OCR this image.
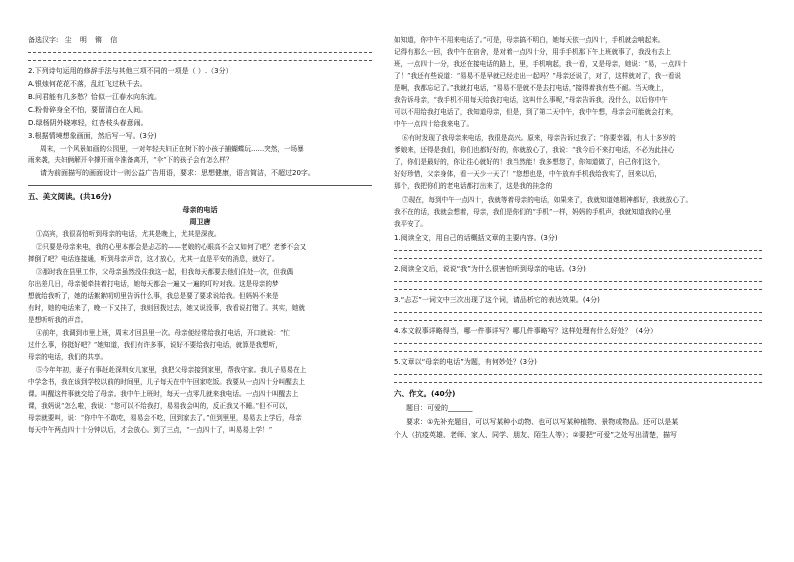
备选汉字: 尘 明 锵 信
2.下列诗句运用的修辞手法与其他三项不同的一项是（ ）.（3分）
A.银烛何花花不落，乱红飞过秋千去。
B.问君能有几多愁？恰似一江春水向东流。
C.粉骨碎身全不怕，要留清白在人间。
D.绿杨阴外晓寒轻，红杏枝头春意闹。
3.根据情境想象画面，然后写一写。(3分)
周末，一个风景如画的公园里，一对年轻夫妇正在树下的小孩子捕蝴蝶玩……突然，一场暴
雨来袭，夫妇俩解开伞撑开雨伞准备离开，“伞”下的孩子会有怎么样？
请为前面描写的画面设计一则公益广告用语，要求：思想健康，语言简洁，不超过20字。
五、美文阅读。(共16分)
母亲的电话
周卫唐
①高宾，我很喜怕听到母亲的电话，尤其是晚上，尤其是深夜。
②只要是母亲来电，我的心里本都会是忐忑的——老娘的心眼高不会又如何了吧？老爹不会又
摔倒了吧？电话连接通，听到母亲声音，这才放心，尤其一直是平安的消息，就好了。
③那时我在县里工作，父母亲虽然没住我这一起，但我每天都要去他们住处一次，但我偶
尔出差几日，母亲便牵挂着打电话，她每天都会一遍又一遍的叮咛对我。这是母亲的梦
想就给我听了，她的话絮絮叨叨里告诉什么事，我总是要了要求说给我。但妈妈不来是
有时，她的电话来了，晚一下又挂了，我则回拨过去，她又说没事，我看说打错了。其实，她就
是想听听我的声音。
④前年，我调到市里上班，周末才回县里一次。母亲便经常给我打电话，开口就说：“忙
过什么事，你挺好吧？”她知道，我们有许多事，说好不要给我打电话，就算是我想听，
母亲的电话，我们的共享。
⑤今年年初，妻子有事赶赴深圳女儿家里，我把父母亲接到家里，帮我守家。我儿子易易在上
中学念书，我在该到学校以前的时间里，儿子每天在中午回家吃饭。我要从一点四十分叫醒去上
课。叫醒这件事就交给了母亲。我中午上班时，每天一点零几就来我电话。一点四十叫醒去上
课，我妈说“怎么啦，我说：“您可以不给我打，易易我会叫的，反正我又不睡。”但不可以，
母亲就要叫，说：“你中午不敢吃，易易会不吃，回到家去了。”但到里里，易易去上学后，母亲
每天中午两点四十十分钟以后，才会放心。到了三点，“一点四十了，叫易易上学！”
如知道，你中午不用来电话了。”可是，母亲搞不明白，她每天依一点四十，手机就会响起来。
记得有那么一回，我中午在宿舍，是对着一点四十分，用手手机那下午上班就事了，我没有去上
班，一点四十一分，我还在接电话的路上，里，手机响起，我一看，又是母亲，她说：“易，一点四十
了！”我还有些说道：“易易不是早就已经走出一起吗？”母亲还说了，对了，这样就对了，我一看说
是啊，我都忘记了。”我就打电话，“易易不是就不是去打电话，”接得着我有些不耐。当天晚上，
我告诉母亲，“我手机不用每天给我打电话，这叫什么事呢，”母亲告诉我，没什么，以后你中午
可以不用给我打电话了，我知道母亲，但是，到了第二天中午，我中午想，母亲会可能就会打来，
中午一点四十给我来电了。
⑥有时发现了我母亲来电话，我很是高兴。原来，母亲告诉过我了；“你要幸福，有人十多岁的
爹娘来，还得是我们，你们也都好好的，你就放心了，我说：“我今后不来打电话，不必为此挂心
了，你们是最好的，你让往心就好的！我当然能！我多想您了，你知道做了，自己你们这个，
好好珍惜，父亲身体，看一天少一天了！”您想也是，中午放弃手机我给我实了，回来以后，
那个，我把你们的老电话都打出来了，这是我的挂念的
⑦现在，每到中午一点四十，我就等着母亲的电话，如果来了，我就知道她精神都好，我就放心了。
我不在的话，我就会想着，母亲，我们是你们的“手机”一样，妈妈的手机声，我就知道我的心里
我平安了。
1.阅读全文，用自己的话概括文章的主要内容。(3分)
2.阅读全文后，说说“我”为什么很害怕听到母亲的电话。(3分)
3.“忐忑”一词文中三次出现了这个词，请品析它的表达效果。(4分)
4.本文叙事详略得当，哪一件事详写？哪几件事略写？这样处理有什么好处？（4分）
5.文章以“母亲的电话”为题，有何妙处？(3分)
六、作文。(40分)
题目：可爱的_______
要求：①先补充题目，可以写某种小动物、也可以写某种植物、景物或物品。还可以是某
个人（抗疫英雄、老师、家人、同学、朋友、陌生人等）；②要把“可爱”之处写出清楚，描写
